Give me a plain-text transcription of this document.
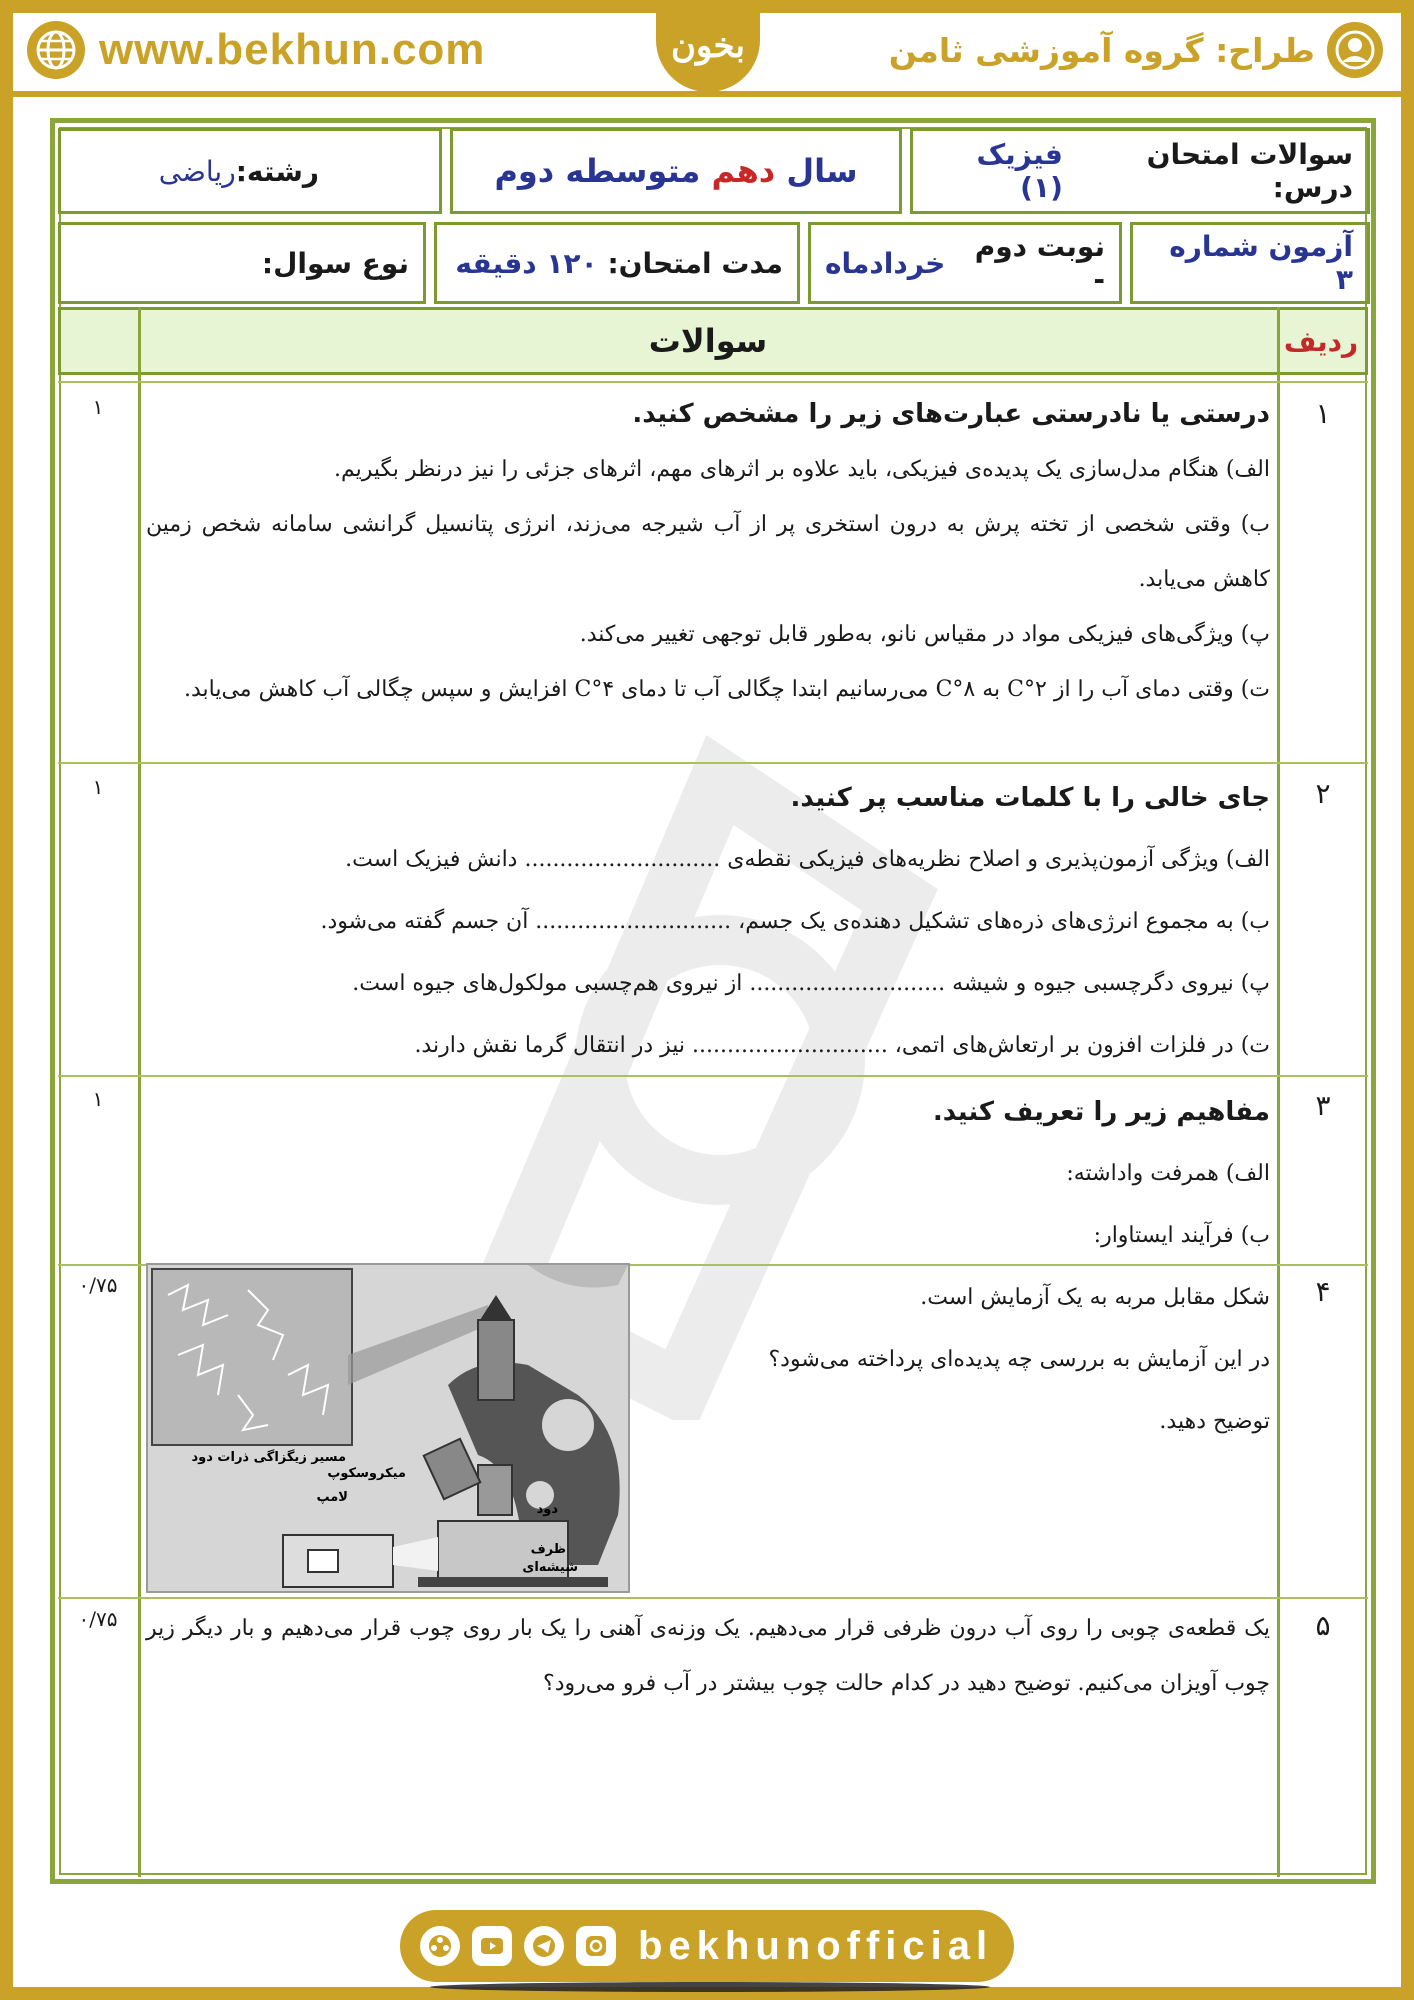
www.bekhun.com	طراح: گروه آموزشی ثامن
بخون
سوالات امتحان درس:
فیزیک (۱)
سال

دهم

متوسطه دوم
رشته:
ریاضی
آزمون شماره ۳
نوبت دوم -

خردادماه
مدت امتحان:

۱۲۰ دقیقه
نوع سوال:
سوالات	ردیف
۱
۱	درستی یا نادرستی عبارت‌های زیر را مشخص کنید.
الف) هنگام مدل‌سازی یک پدیده‌ی فیزیکی، باید علاوه بر اثرهای مهم، اثرهای جزئی را نیز درنظر بگیریم.
ب) وقتی شخصی از تخته پرش به درون استخری پر از آب شیرجه می‌زند، انرژی پتانسیل گرانشی سامانه شخص زمین کاهش می‌یابد.
پ) ویژگی‌های فیزیکی مواد در مقیاس نانو، به‌طور قابل توجهی تغییر می‌کند.
ت) وقتی دمای آب را از ۲°C به ۸°C می‌رسانیم ابتدا چگالی آب تا دمای ۴°C افزایش و سپس چگالی آب کاهش می‌یابد.
۲
۱	جای خالی را با کلمات مناسب پر کنید.
الف) ویژگی آزمون‌پذیری و اصلاح نظریه‌های فیزیکی نقطه‌ی ............................ دانش فیزیک است.
ب) به مجموع انرژی‌های ذره‌های تشکیل دهنده‌ی یک جسم، ............................ آن جسم گفته می‌شود.
پ) نیروی دگرچسبی جیوه و شیشه ............................ از نیروی هم‌چسبی مولکول‌های جیوه است.
ت) در فلزات افزون بر ارتعاش‌های اتمی، ............................ نیز در انتقال گرما نقش دارند.
۳
۱	مفاهیم زیر را تعریف کنید.
الف) همرفت واداشته:
ب) فرآیند ایستاوار:
۴
۰/۷۵	شکل مقابل مربه به یک آزمایش است.
در این آزمایش به بررسی چه پدیده‌ای پرداخته می‌شود؟
توضیح دهید.
مسیر زیگزاگی ذرات دود
میکروسکوپ
لامپ
دود
ظرف
شیشه‌ای
۵
۰/۷۵	یک قطعه‌ی چوبی را روی آب درون ظرفی قرار می‌دهیم. یک وزنه‌ی آهنی را یک بار روی چوب قرار می‌دهیم و بار دیگر زیر چوب آویزان می‌کنیم. توضیح دهید در کدام حالت چوب بیشتر در آب فرو می‌رود؟
bekhunofficial
